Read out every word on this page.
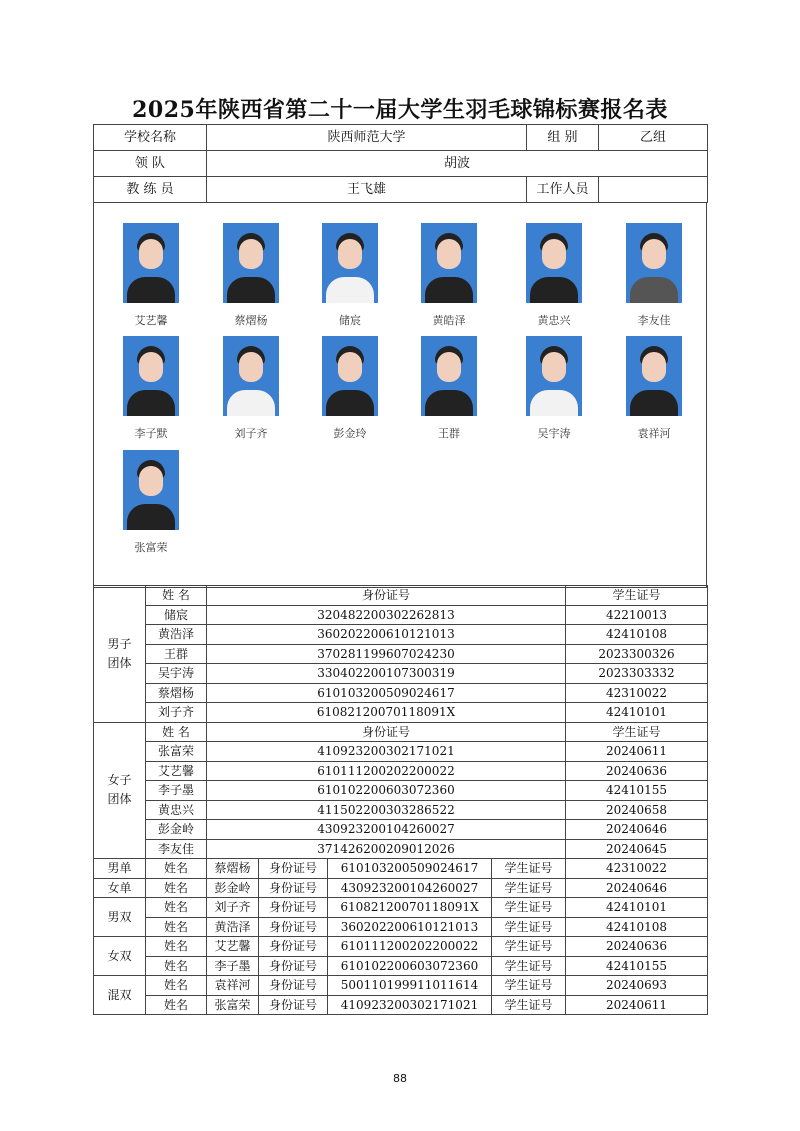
2025年陕西省第二十一届大学生羽毛球锦标赛报名表
学校名称	陕西师范大学	组 别	乙组
领 队	胡波		
教 练 员	王飞雄	工作人员	
艾艺馨	蔡熠杨	储宸	黄皓泽	黄忠兴	李友佳
李子默	刘子齐	彭金玲	王群	吴宇涛	袁祥河
张富荣
男子
团体	姓 名	身份证号				学生证号
	储宸	320482200302262813				42210013
	黄浩泽	360202200610121013				42410108
	王群	370281199607024230				2023300326
	吴宇涛	330402200107300319				2023303332
	蔡熠杨	610103200509024617				42310022
	刘子齐	61082120070118091X				42410101
女子
团体	姓 名	身份证号				学生证号
	张富荣	410923200302171021				20240611
	艾艺馨	610111200202200022				20240636
	李子墨	610102200603072360				42410155
	黄忠兴	411502200303286522				20240658
	彭金岭	430923200104260027				20240646
	李友佳	371426200209012026				20240645
男单	姓名	蔡熠杨	身份证号	610103200509024617	学生证号	42310022
女单	姓名	彭金岭	身份证号	430923200104260027	学生证号	20240646
男双	姓名	刘子齐	身份证号	61082120070118091X	学生证号	42410101
	姓名	黄浩泽	身份证号	360202200610121013	学生证号	42410108
女双	姓名	艾艺馨	身份证号	610111200202200022	学生证号	20240636
	姓名	李子墨	身份证号	610102200603072360	学生证号	42410155
混双	姓名	袁祥河	身份证号	500110199911011614	学生证号	20240693
	姓名	张富荣	身份证号	410923200302171021	学生证号	20240611
88
